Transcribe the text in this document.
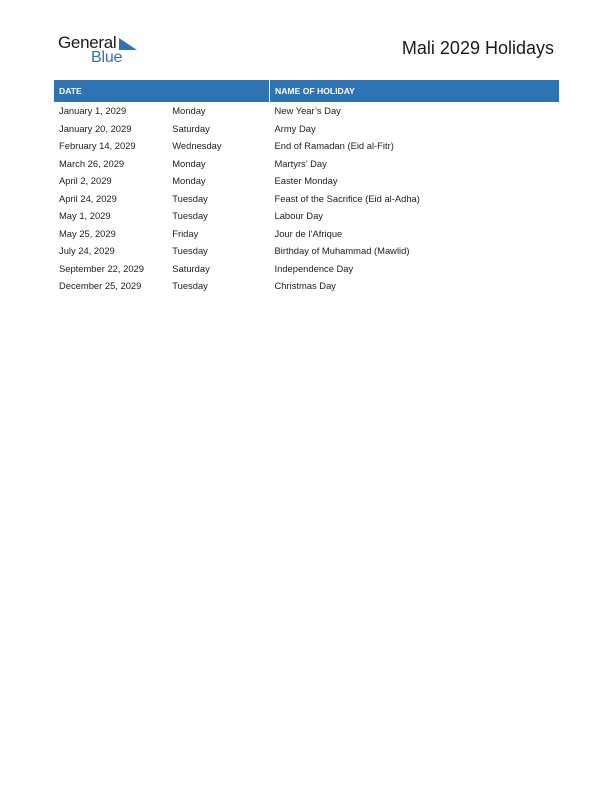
General
Blue	Mali 2029 Holidays
DATE		NAME OF HOLIDAY
January 1, 2029	Monday	New Year’s Day
January 20, 2029	Saturday	Army Day
February 14, 2029	Wednesday	End of Ramadan (Eid al-Fitr)
March 26, 2029	Monday	Martyrs’ Day
April 2, 2029	Monday	Easter Monday
April 24, 2029	Tuesday	Feast of the Sacrifice (Eid al-Adha)
May 1, 2029	Tuesday	Labour Day
May 25, 2029	Friday	Jour de l’Afrique
July 24, 2029	Tuesday	Birthday of Muhammad (Mawlid)
September 22, 2029	Saturday	Independence Day
December 25, 2029	Tuesday	Christmas Day
